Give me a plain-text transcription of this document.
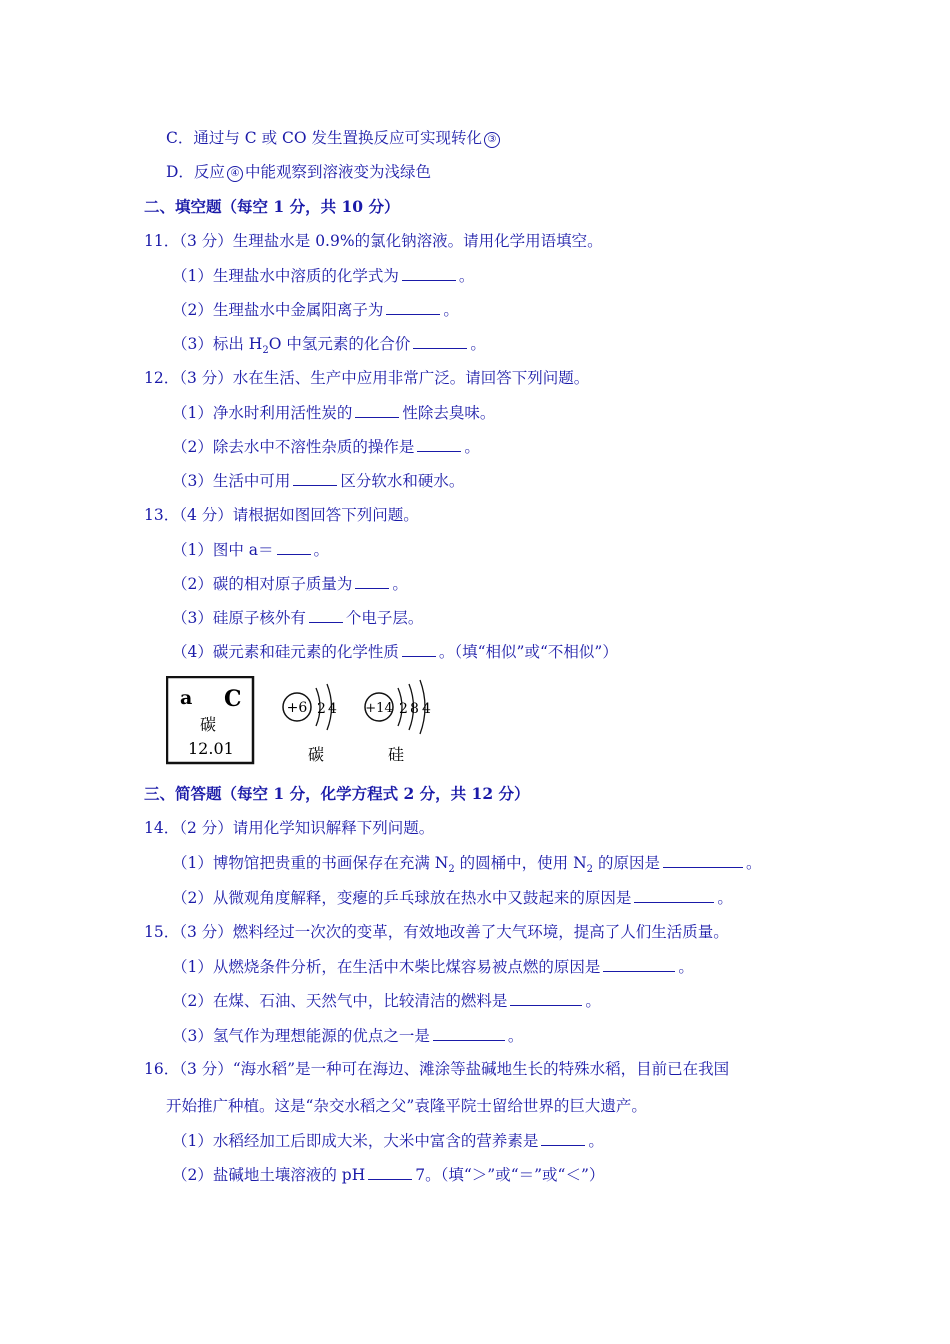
C．通过与 C 或 CO 发生置换反应可实现转化 ③
D．反应 ④ 中能观察到溶液变为浅绿色
二、填空题（每空 1 分，共 10 分）
11．（3 分）生理盐水是 0.9%的氯化钠溶液。请用化学用语填空。
（1）生理盐水中溶质的化学式为	。
（2）生理盐水中金属阳离子为	。
（3）标出 $H_2O$ 中氢元素的化合价	。
12．（3 分）水在生活、生产中应用非常广泛。请回答下列问题。
（1）净水时利用活性炭的	性除去臭味。
（2）除去水中不溶性杂质的操作是	。
（3）生活中可用	区分软水和硬水。
13．（4 分）请根据如图回答下列问题。
（1）图中 a＝	。
（2）碳的相对原子质量为	。
（3）硅原子核外有	个电子层。
（4）碳元素和硅元素的化学性质	。（填“相似”或“不相似”）
a C
碳
12.01
+6 2 4
碳
+14 2 8 4
硅
三、简答题（每空 1 分，化学方程式 2 分，共 12 分）
14．（2 分）请用化学知识解释下列问题。
（1）博物馆把贵重的书画保存在充满 $N_2$ 的圆桶中，使用 $N_2$ 的原因是	。
（2）从微观角度解释，变瘪的乒乓球放在热水中又鼓起来的原因是	。
15．（3 分）燃料经过一次次的变革，有效地改善了大气环境，提高了人们生活质量。
（1）从燃烧条件分析，在生活中木柴比煤容易被点燃的原因是	。
（2）在煤、石油、天然气中，比较清洁的燃料是	。
（3）氢气作为理想能源的优点之一是	。
16．（3 分）“海水稻”是一种可在海边、滩涂等盐碱地生长的特殊水稻，目前已在我国
开始推广种植。这是“杂交水稻之父”袁隆平院士留给世界的巨大遗产。
（1）水稻经加工后即成大米，大米中富含的营养素是	。
（2）盐碱地土壤溶液的 pH	7。（填“＞”或“＝”或“＜”）
